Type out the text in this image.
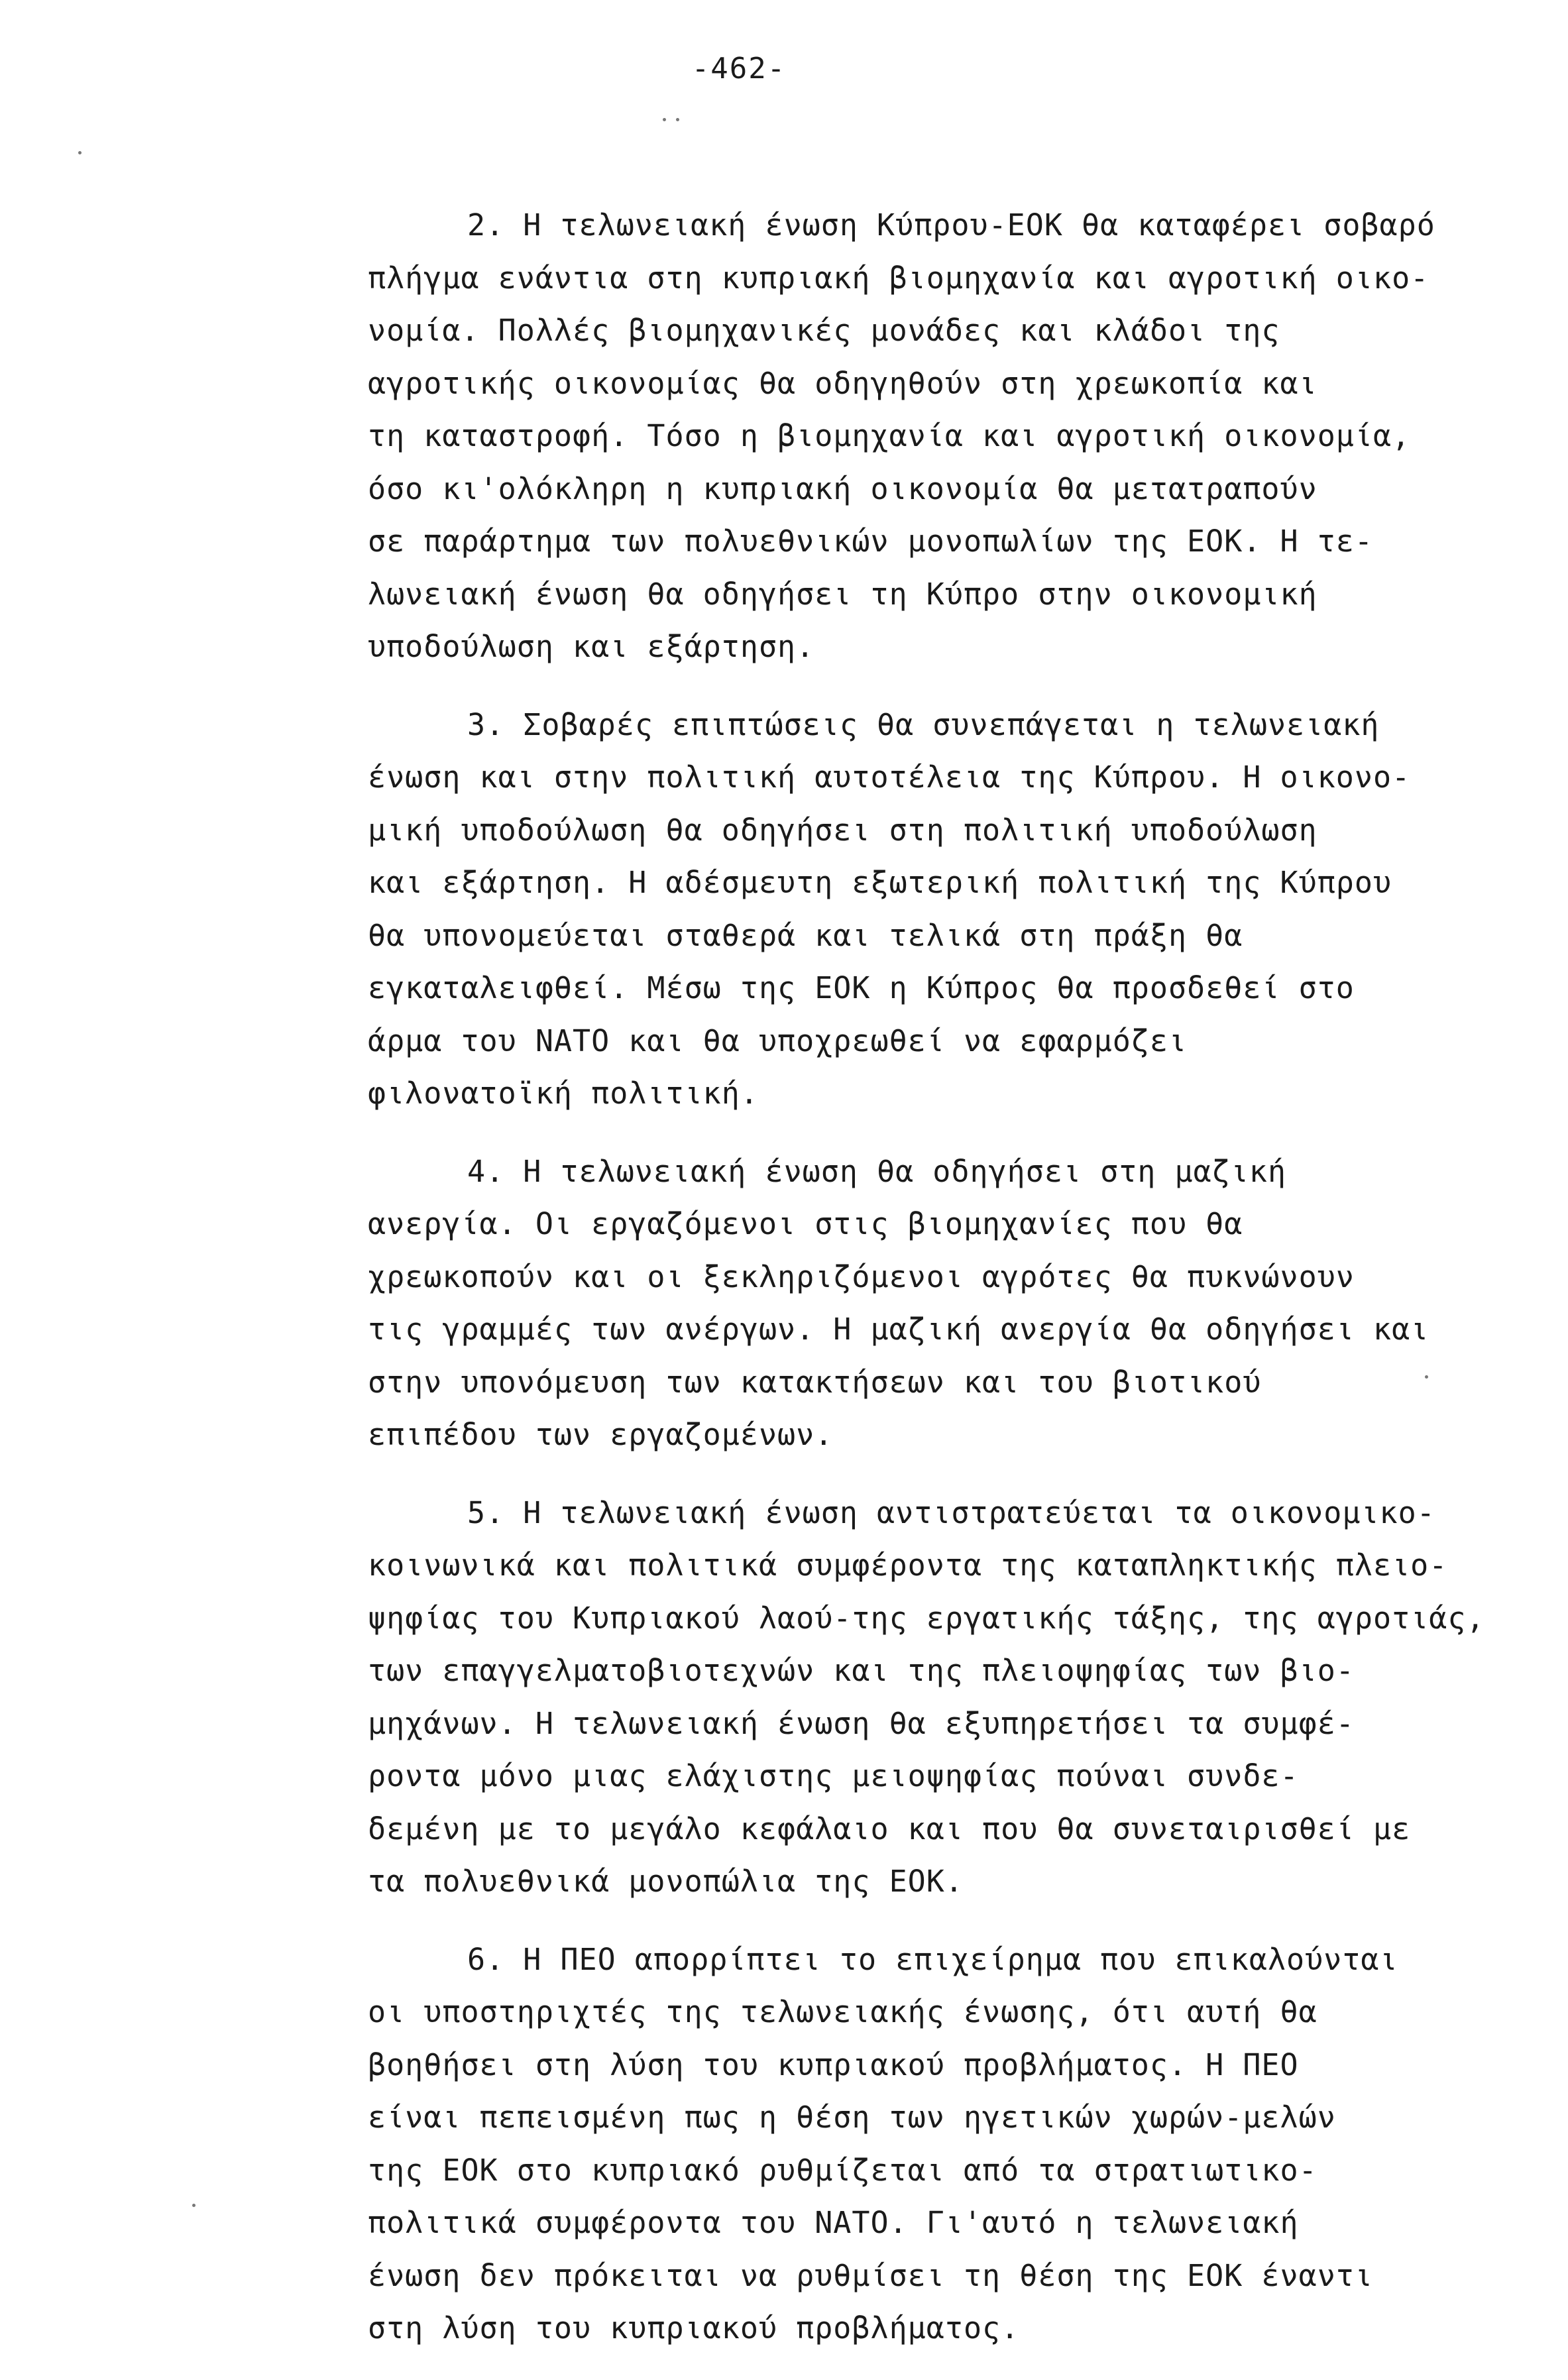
-462-
2. Η τελωνειακή ένωση Κύπρου-ΕΟΚ θα καταφέρει σοβαρό
πλήγμα ενάντια στη κυπριακή βιομηχανία και αγροτική οικο-
νομία. Πολλές βιομηχανικές μονάδες και κλάδοι της
αγροτικής οικονομίας θα οδηγηθούν στη χρεωκοπία και
τη καταστροφή. Τόσο η βιομηχανία και αγροτική οικονομία,
όσο κι'ολόκληρη η κυπριακή οικονομία θα μετατραπούν
σε παράρτημα των πολυεθνικών μονοπωλίων της ΕΟΚ. Η τε-
λωνειακή ένωση θα οδηγήσει τη Κύπρο στην οικονομική
υποδούλωση και εξάρτηση.
3. Σοβαρές επιπτώσεις θα συνεπάγεται η τελωνειακή
ένωση και στην πολιτική αυτοτέλεια της Κύπρου. Η οικονο-
μική υποδούλωση θα οδηγήσει στη πολιτική υποδούλωση
και εξάρτηση. Η αδέσμευτη εξωτερική πολιτική της Κύπρου
θα υπονομεύεται σταθερά και τελικά στη πράξη θα
εγκαταλειφθεί. Μέσω της ΕΟΚ η Κύπρος θα προσδεθεί στο
άρμα του ΝΑΤΟ και θα υποχρεωθεί να εφαρμόζει
φιλονατοϊκή πολιτική.
4. Η τελωνειακή ένωση θα οδηγήσει στη μαζική
ανεργία. Οι εργαζόμενοι στις βιομηχανίες που θα
χρεωκοπούν και οι ξεκληριζόμενοι αγρότες θα πυκνώνουν
τις γραμμές των ανέργων. Η μαζική ανεργία θα οδηγήσει και
στην υπονόμευση των κατακτήσεων και του βιοτικού
επιπέδου των εργαζομένων.
5. Η τελωνειακή ένωση αντιστρατεύεται τα οικονομικο-
κοινωνικά και πολιτικά συμφέροντα της καταπληκτικής πλειο-
ψηφίας του Κυπριακού λαού-της εργατικής τάξης, της αγροτιάς,
των επαγγελματοβιοτεχνών και της πλειοψηφίας των βιο-
μηχάνων. Η τελωνειακή ένωση θα εξυπηρετήσει τα συμφέ-
ροντα μόνο μιας ελάχιστης μειοψηφίας πούναι συνδε-
δεμένη με το μεγάλο κεφάλαιο και που θα συνεταιρισθεί με
τα πολυεθνικά μονοπώλια της ΕΟΚ.
6. Η ΠΕΟ απορρίπτει το επιχείρημα που επικαλούνται
οι υποστηριχτές της τελωνειακής ένωσης, ότι αυτή θα
βοηθήσει στη λύση του κυπριακού προβλήματος. Η ΠΕΟ
είναι πεπεισμένη πως η θέση των ηγετικών χωρών-μελών
της ΕΟΚ στο κυπριακό ρυθμίζεται από τα στρατιωτικο-
πολιτικά συμφέροντα του ΝΑΤΟ. Γι'αυτό η τελωνειακή
ένωση δεν πρόκειται να ρυθμίσει τη θέση της ΕΟΚ έναντι
στη λύση του κυπριακού προβλήματος.
